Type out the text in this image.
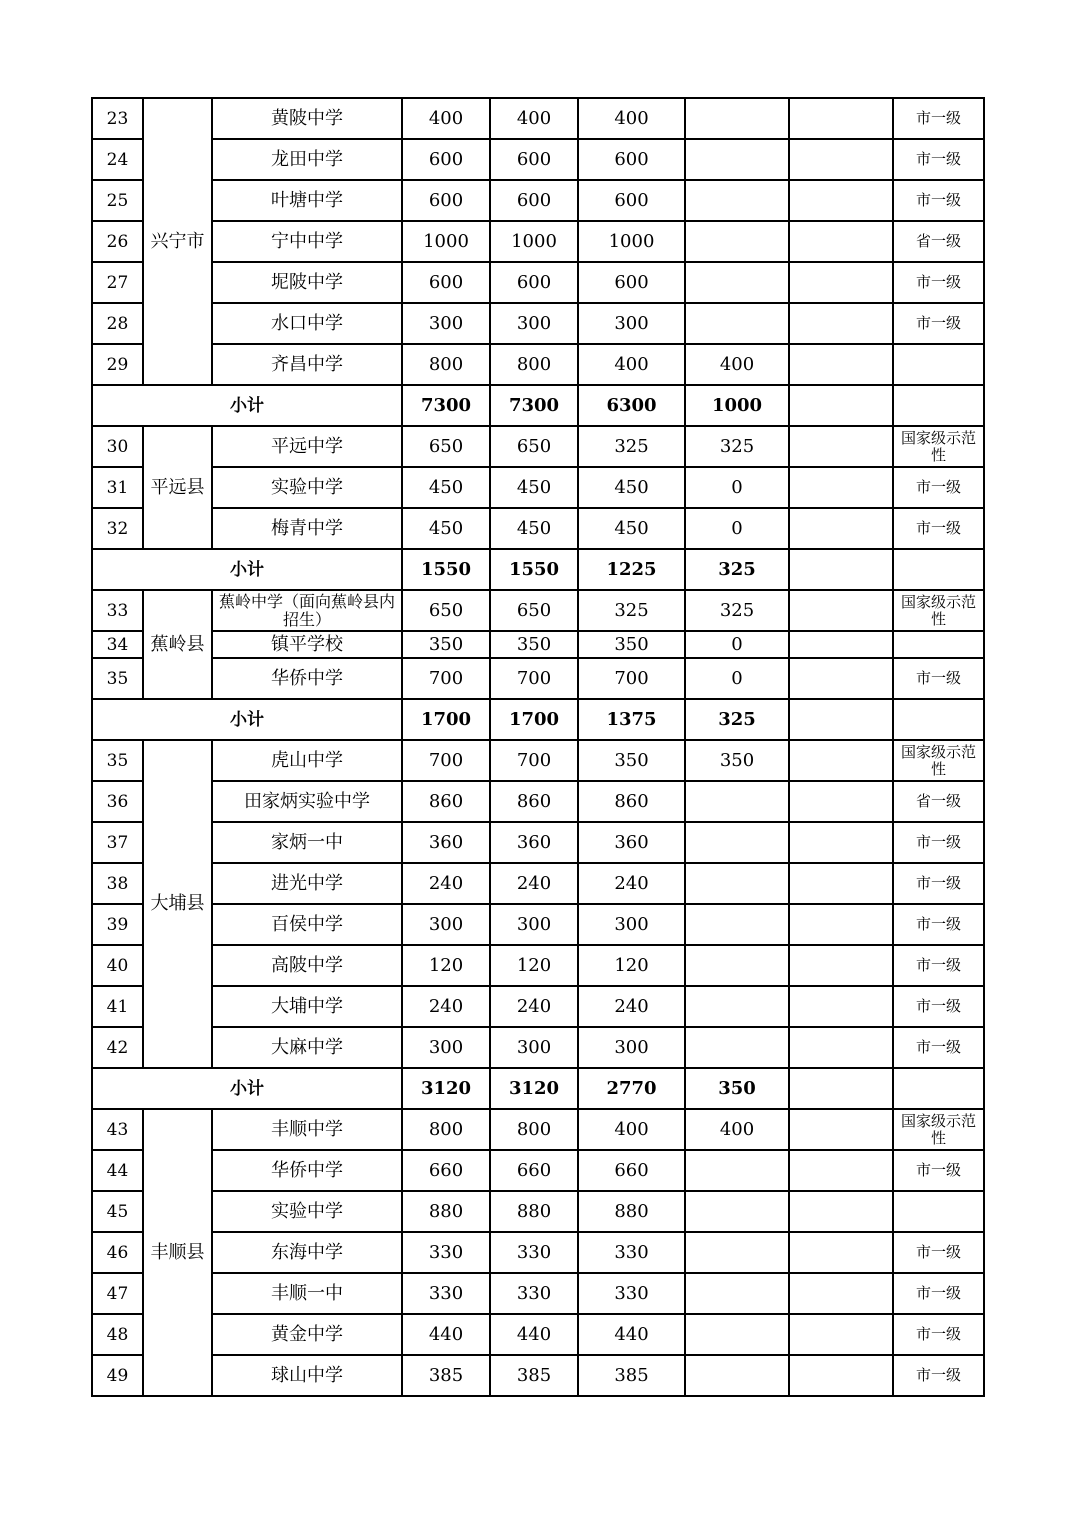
23	兴宁市	黄陂中学	400	400	400			市一级
24		龙田中学	600	600	600			市一级
25		叶塘中学	600	600	600			市一级
26		宁中中学	1000	1000	1000			省一级
27		坭陂中学	600	600	600			市一级
28		水口中学	300	300	300			市一级
29		齐昌中学	800	800	400	400		
小计			7300	7300	6300	1000		
30	平远县	平远中学	650	650	325	325		国家级示范性
31		实验中学	450	450	450	0		市一级
32		梅青中学	450	450	450	0		市一级
小计			1550	1550	1225	325		
33	蕉岭县	蕉岭中学（面向蕉岭县内招生）	650	650	325	325		国家级示范性
34		镇平学校	350	350	350	0		
35		华侨中学	700	700	700	0		市一级
小计			1700	1700	1375	325		
35	大埔县	虎山中学	700	700	350	350		国家级示范性
36		田家炳实验中学	860	860	860			省一级
37		家炳一中	360	360	360			市一级
38		进光中学	240	240	240			市一级
39		百侯中学	300	300	300			市一级
40		高陂中学	120	120	120			市一级
41		大埔中学	240	240	240			市一级
42		大麻中学	300	300	300			市一级
小计			3120	3120	2770	350		
43	丰顺县	丰顺中学	800	800	400	400		国家级示范性
44		华侨中学	660	660	660			市一级
45		实验中学	880	880	880			
46		东海中学	330	330	330			市一级
47		丰顺一中	330	330	330			市一级
48		黄金中学	440	440	440			市一级
49		球山中学	385	385	385			市一级
